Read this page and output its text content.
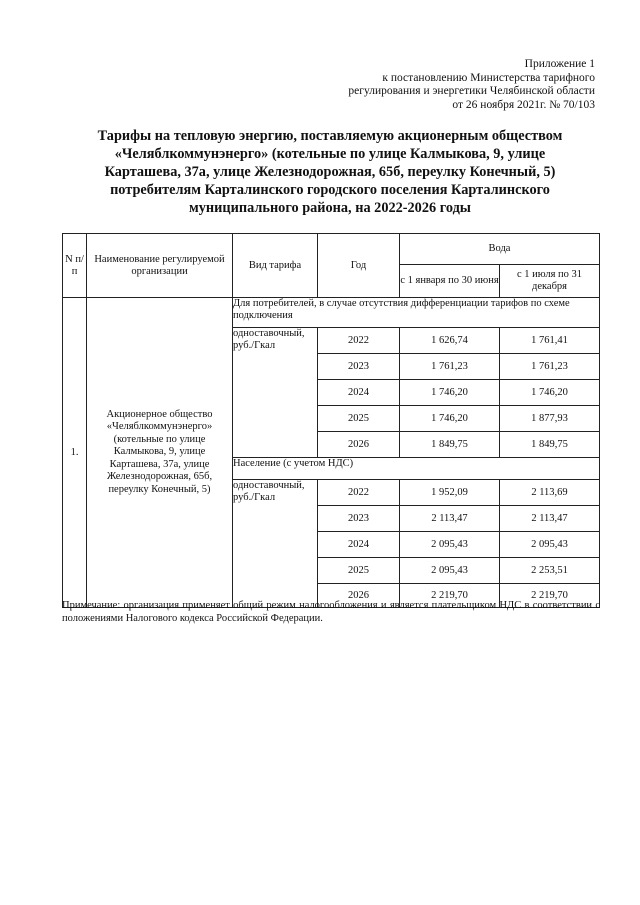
Приложение 1
к постановлению Министерства тарифного
регулирования и энергетики Челябинской области
от 26 ноября 2021г. № 70/103
Тарифы на тепловую энергию, поставляемую акционерным обществом
«Челяблкоммунэнерго» (котельные по улице Калмыкова, 9, улице
Карташева, 37а, улице Железнодорожная, 65б, переулку Конечный, 5)
потребителям Карталинского городского поселения Карталинского
муниципального района, на 2022-2026 годы
N п/п	Наименование регулируемой организации	Вид тарифа	Год	Вода	
				с 1 января по 30 июня	с 1 июля по 31 декабря
1.	Акционерное общество «Челяблкоммунэнерго» (котельные по улице Калмыкова, 9, улице Карташева, 37а, улице Железнодорожная, 65б, переулку Конечный, 5)	Для потребителей, в случае отсутствия дифференциации тарифов по схеме подключения			
		одноставочный, руб./Гкал	2022	1 626,74	1 761,41
			2023	1 761,23	1 761,23
			2024	1 746,20	1 746,20
			2025	1 746,20	1 877,93
			2026	1 849,75	1 849,75
		Население (с учетом НДС)			
		одноставочный, руб./Гкал	2022	1 952,09	2 113,69
			2023	2 113,47	2 113,47
			2024	2 095,43	2 095,43
			2025	2 095,43	2 253,51
			2026	2 219,70	2 219,70
Примечание: организация применяет общий режим налогообложения и является плательщиком НДС в соответствии с положениями Налогового кодекса Российской Федерации.
